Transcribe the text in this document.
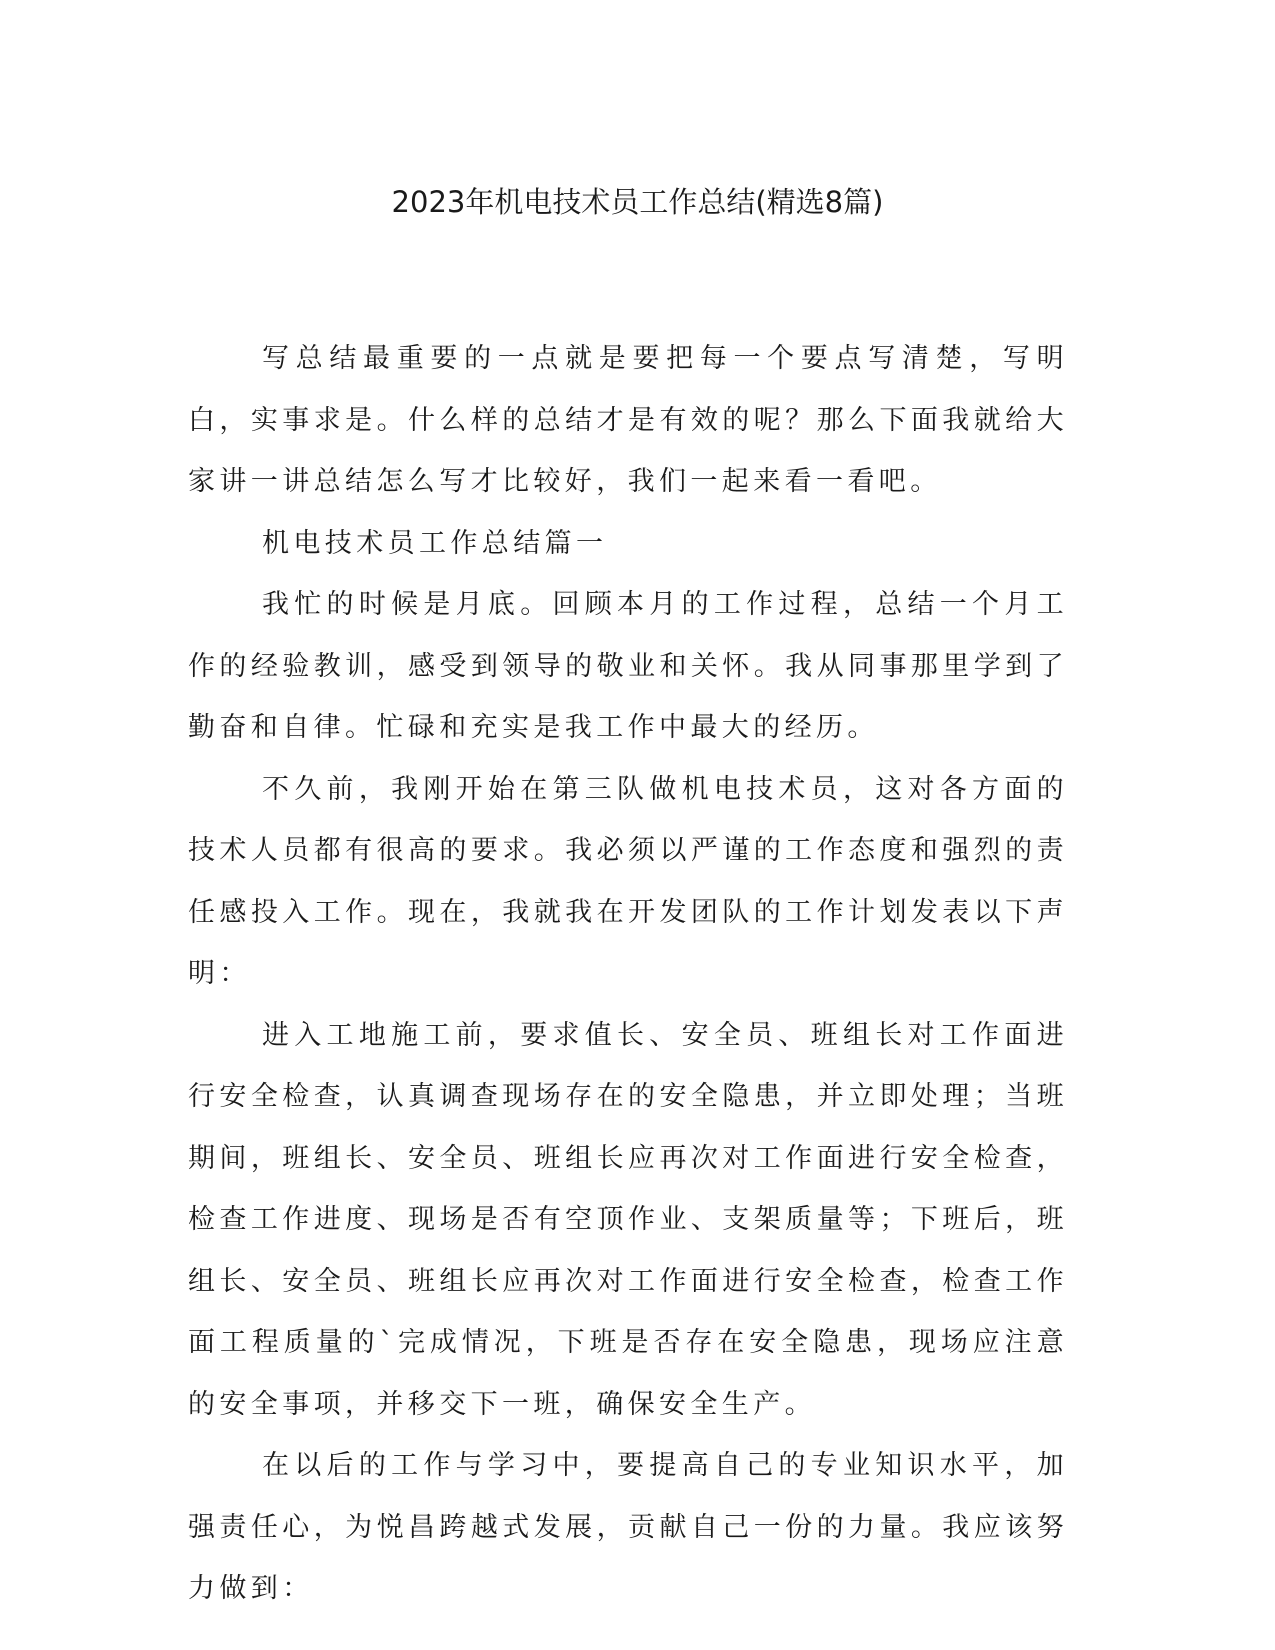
2023年机电技术员工作总结(精选8篇)

写总结最重要的一点就是要把每一个要点写清楚，写明白，实事求是。什么样的总结才是有效的呢？那么下面我就给大家讲一讲总结怎么写才比较好，我们一起来看一看吧。

机电技术员工作总结篇一

我忙的时候是月底。回顾本月的工作过程，总结一个月工作的经验教训，感受到领导的敬业和关怀。我从同事那里学到了勤奋和自律。忙碌和充实是我工作中最大的经历。

不久前，我刚开始在第三队做机电技术员，这对各方面的技术人员都有很高的要求。我必须以严谨的工作态度和强烈的责任感投入工作。现在，我就我在开发团队的工作计划发表以下声明：

进入工地施工前，要求值长、安全员、班组长对工作面进行安全检查，认真调查现场存在的安全隐患，并立即处理；当班期间，班组长、安全员、班组长应再次对工作面进行安全检查，检查工作进度、现场是否有空顶作业、支架质量等；下班后，班组长、安全员、班组长应再次对工作面进行安全检查，检查工作面工程质量的`完成情况，下班是否存在安全隐患，现场应注意的安全事项，并移交下一班，确保安全生产。

在以后的工作与学习中，要提高自己的专业知识水平，加强责任心，为悦昌跨越式发展，贡献自己一份的力量。我应该努力做到：
